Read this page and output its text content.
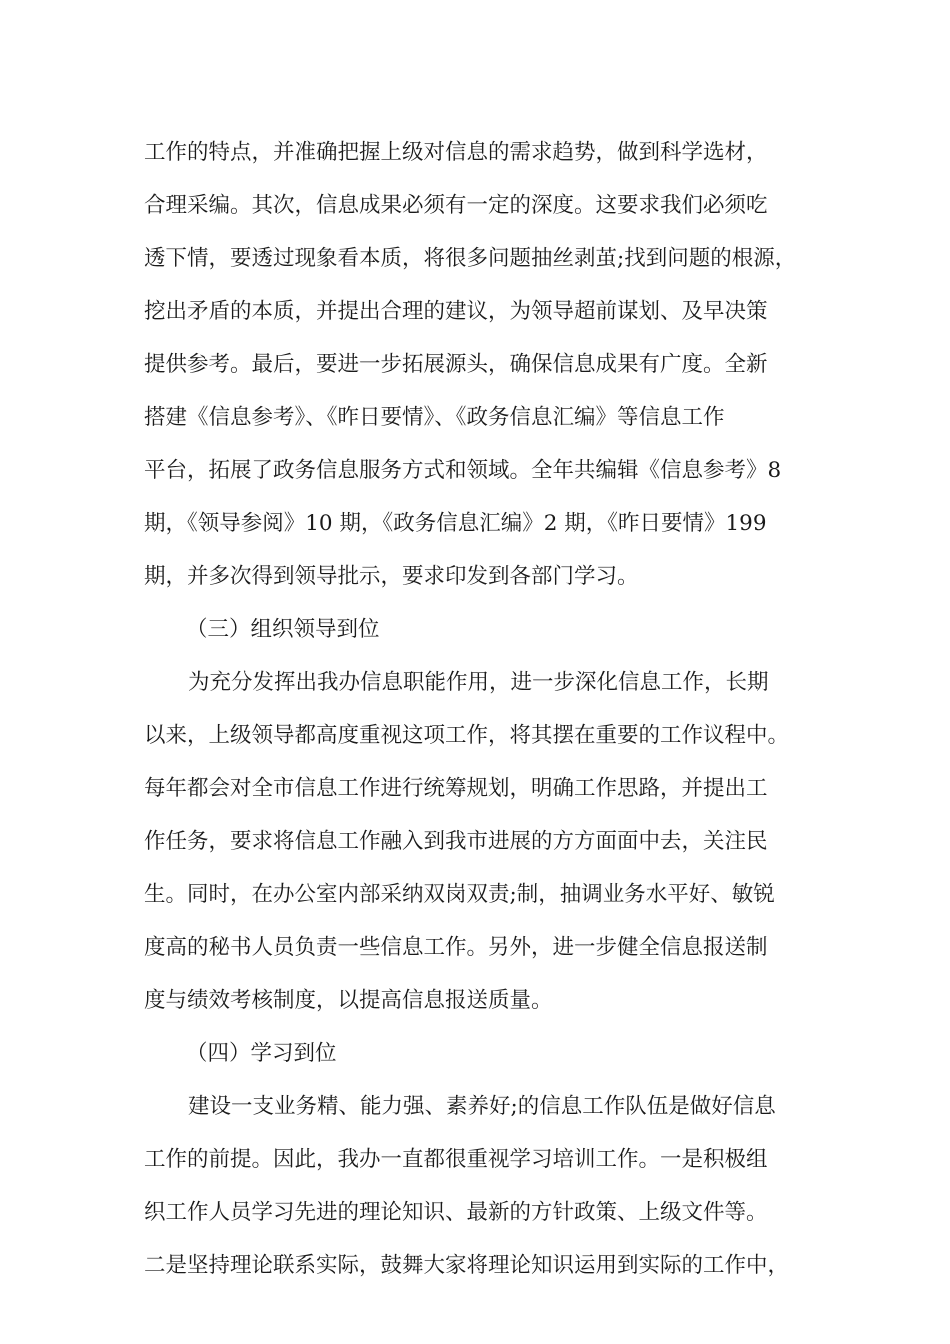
工作的特点，并准确把握上级对信息的需求趋势，做到科学选材，
合理采编。其次，信息成果必须有一定的深度。这要求我们必须吃
透下情，要透过现象看本质，将很多问题抽丝剥茧;找到问题的根源，
挖出矛盾的本质，并提出合理的建议，为领导超前谋划、及早决策
提供参考。最后，要进一步拓展源头，确保信息成果有广度。全新
搭建《信息参考》、《昨日要情》、《政务信息汇编》等信息工作
平台，拓展了政务信息服务方式和领域。全年共编辑《信息参考》8
期，《领导参阅》10 期，《政务信息汇编》2 期，《昨日要情》199
期，并多次得到领导批示，要求印发到各部门学习。
（三）组织领导到位
为充分发挥出我办信息职能作用，进一步深化信息工作，长期
以来，上级领导都高度重视这项工作，将其摆在重要的工作议程中。
每年都会对全市信息工作进行统筹规划，明确工作思路，并提出工
作任务，要求将信息工作融入到我市进展的方方面面中去，关注民
生。同时，在办公室内部采纳双岗双责;制，抽调业务水平好、敏锐
度高的秘书人员负责一些信息工作。另外，进一步健全信息报送制
度与绩效考核制度，以提高信息报送质量。
（四）学习到位
建设一支业务精、能力强、素养好;的信息工作队伍是做好信息
工作的前提。因此，我办一直都很重视学习培训工作。一是积极组
织工作人员学习先进的理论知识、最新的方针政策、上级文件等。
二是坚持理论联系实际，鼓舞大家将理论知识运用到实际的工作中，
